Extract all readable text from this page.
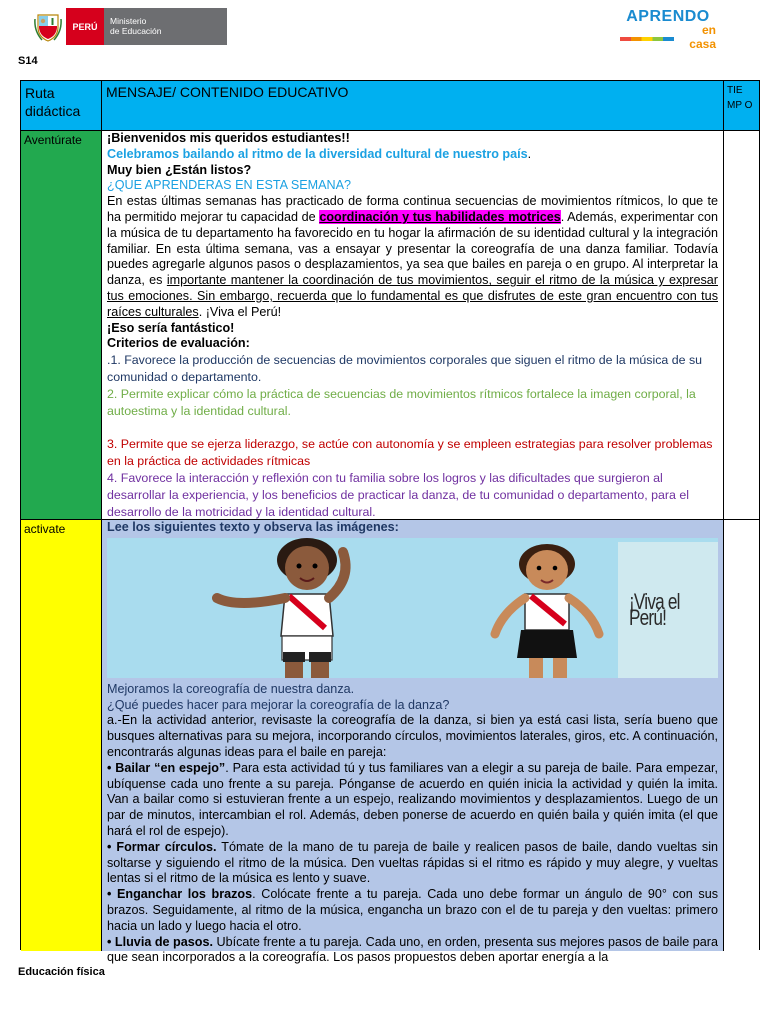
PERÚ
Ministerio
de Educación
APRENDO
en casa
S14
Ruta didáctica
MENSAJE/ CONTENIDO EDUCATIVO	TIE MP O
Aventúrate	¡Bienvenidos mis queridos estudiantes!!

Celebramos bailando al ritmo de la diversidad cultural de nuestro país.

Muy bien ¿Están listos?

¿QUE APRENDERAS EN ESTA SEMANA?

En estas últimas semanas has practicado de forma continua secuencias de movimientos rítmicos, lo que te ha permitido mejorar tu capacidad de coordinación y tus habilidades motrices. Además, experimentar con la música de tu departamento ha favorecido en tu hogar la afirmación de su identidad cultural y la integración familiar. En esta última semana, vas a ensayar y presentar la coreografía de una danza familiar. Todavía puedes agregarle algunos pasos o desplazamientos, ya sea que bailes en pareja o en grupo. Al interpretar la danza, es importante mantener la coordinación de tus movimientos, seguir el ritmo de la música y expresar tus emociones. Sin embargo, recuerda que lo fundamental es que disfrutes de este gran encuentro con tus raíces culturales. ¡Viva el Perú!

¡Eso sería fantástico!

Criterios de evaluación:

.1. Favorece la producción de secuencias de movimientos corporales que siguen el ritmo de la música de su comunidad o departamento.

2. Permite explicar cómo la práctica de secuencias de movimientos rítmicos fortalece la imagen corporal, la autoestima y la identidad cultural.

3. Permite que se ejerza liderazgo, se actúe con autonomía y se empleen estrategias para resolver problemas en la práctica de actividades rítmicas

4. Favorece la interacción y reflexión con tu familia sobre los logros y las dificultades que surgieron al desarrollar la experiencia, y los beneficios de practicar la danza, de tu comunidad o departamento, para el desarrollo de la motricidad y la identidad cultural.

activate	Lee los siguientes texto y observa las imágenes:

¡Viva el Perú!

Mejoramos la coreografía de nuestra danza.

¿Qué puedes hacer para mejorar la coreografía de la danza?

a.-En la actividad anterior, revisaste la coreografía de la danza, si bien ya está casi lista, sería bueno que busques alternativas para su mejora, incorporando círculos, movimientos laterales, giros, etc. A continuación, encontrarás algunas ideas para el baile en pareja:

• Bailar “en espejo”. Para esta actividad tú y tus familiares van a elegir a su pareja de baile. Para empezar, ubíquense cada uno frente a su pareja. Pónganse de acuerdo en quién inicia la actividad y quién la imita. Van a bailar como si estuvieran frente a un espejo, realizando movimientos y desplazamientos. Luego de un par de minutos, intercambian el rol. Además, deben ponerse de acuerdo en quién baila y quién imita (el que hará el rol de espejo).

• Formar círculos. Tómate de la mano de tu pareja de baile y realicen pasos de baile, dando vueltas sin soltarse y siguiendo el ritmo de la música. Den vueltas rápidas si el ritmo es rápido y muy alegre, y vueltas lentas si el ritmo de la música es lento y suave.

• Enganchar los brazos. Colócate frente a tu pareja. Cada uno debe formar un ángulo de 90° con sus brazos. Seguidamente, al ritmo de la música, engancha un brazo con el de tu pareja y den vueltas: primero hacia un lado y luego hacia el otro.

• Lluvia de pasos. Ubícate frente a tu pareja. Cada uno, en orden, presenta sus mejores pasos de baile para que sean incorporados a la coreografía. Los pasos propuestos deben aportar energía a la

Educación física
